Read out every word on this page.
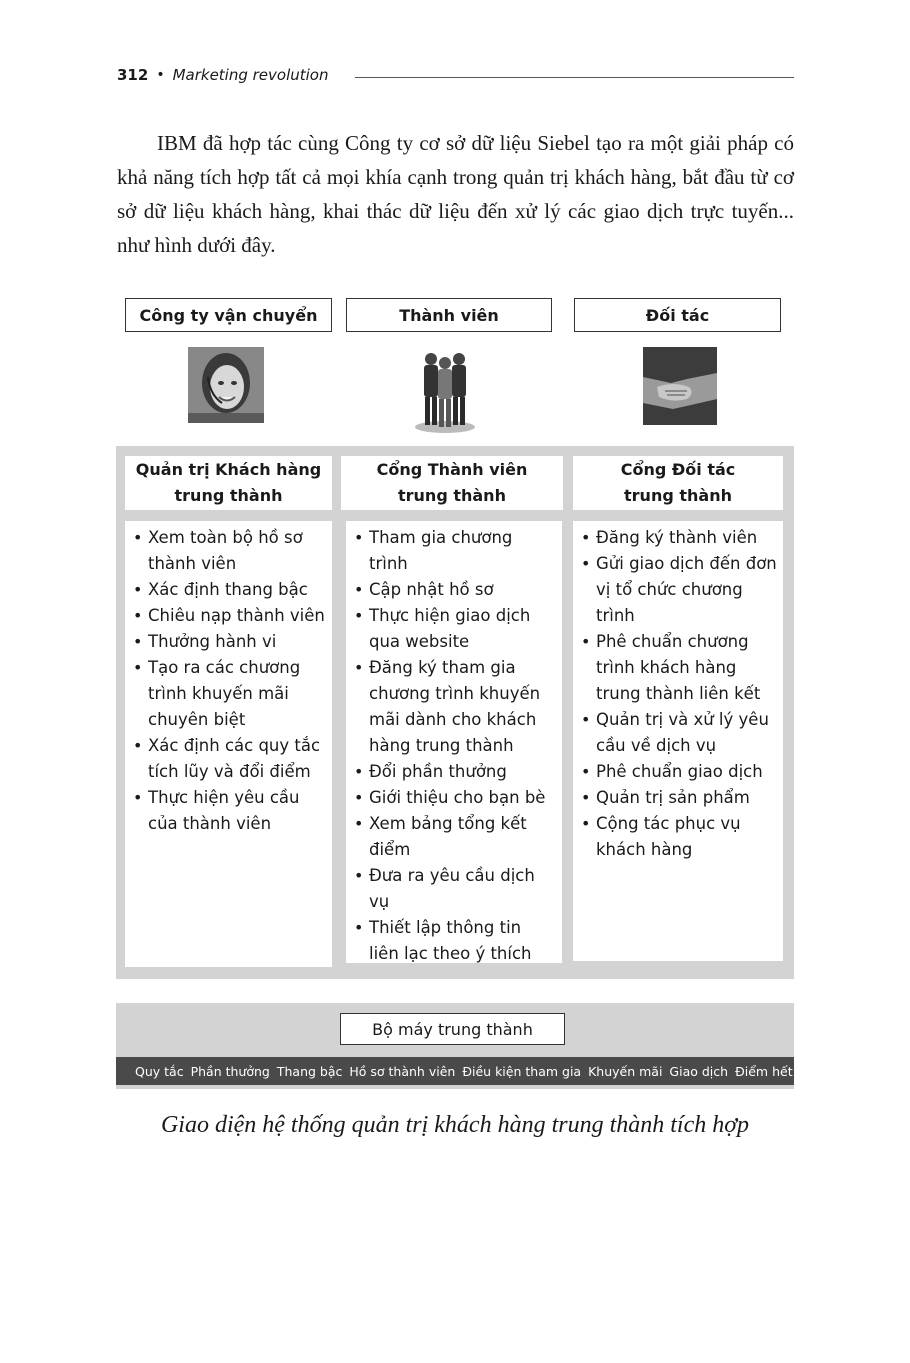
312 • Marketing revolution

IBM đã hợp tác cùng Công ty cơ sở dữ liệu Siebel tạo ra một giải pháp có khả năng tích hợp tất cả mọi khía cạnh trong quản trị khách hàng, bắt đầu từ cơ sở dữ liệu khách hàng, khai thác dữ liệu đến xử lý các giao dịch trực tuyến... như hình dưới đây.

Công ty vận chuyển	Thành viên	Đối tác
Quản trị Khách hàng
trung thành
Cổng Thành viên
trung thành
Cổng Đối tác
trung thành
• Xem toàn bộ hồ sơ thành viên
• Xác định thang bậc
• Chiêu nạp thành viên
• Thưởng hành vi
• Tạo ra các chương trình khuyến mãi chuyên biệt
• Xác định các quy tắc tích lũy và đổi điểm
• Thực hiện yêu cầu của thành viên
• Tham gia chương trình
• Cập nhật hồ sơ
• Thực hiện giao dịch qua website
• Đăng ký tham gia chương trình khuyến mãi dành cho khách hàng trung thành
• Đổi phần thưởng
• Giới thiệu cho bạn bè
• Xem bảng tổng kết điểm
• Đưa ra yêu cầu dịch vụ
• Thiết lập thông tin liên lạc theo ý thích
• Đăng ký thành viên
• Gửi giao dịch đến đơn vị tổ chức chương trình
• Phê chuẩn chương trình khách hàng trung thành liên kết
• Quản trị và xử lý yêu cầu về dịch vụ
• Phê chuẩn giao dịch
• Quản trị sản phẩm
• Cộng tác phục vụ khách hàng
Bộ máy trung thành
Quy tắc Phần thưởng Thang bậc Hồ sơ thành viên Điều kiện tham gia Khuyến mãi Giao dịch Điểm hết hạn
Giao diện hệ thống quản trị khách hàng trung thành tích hợp
